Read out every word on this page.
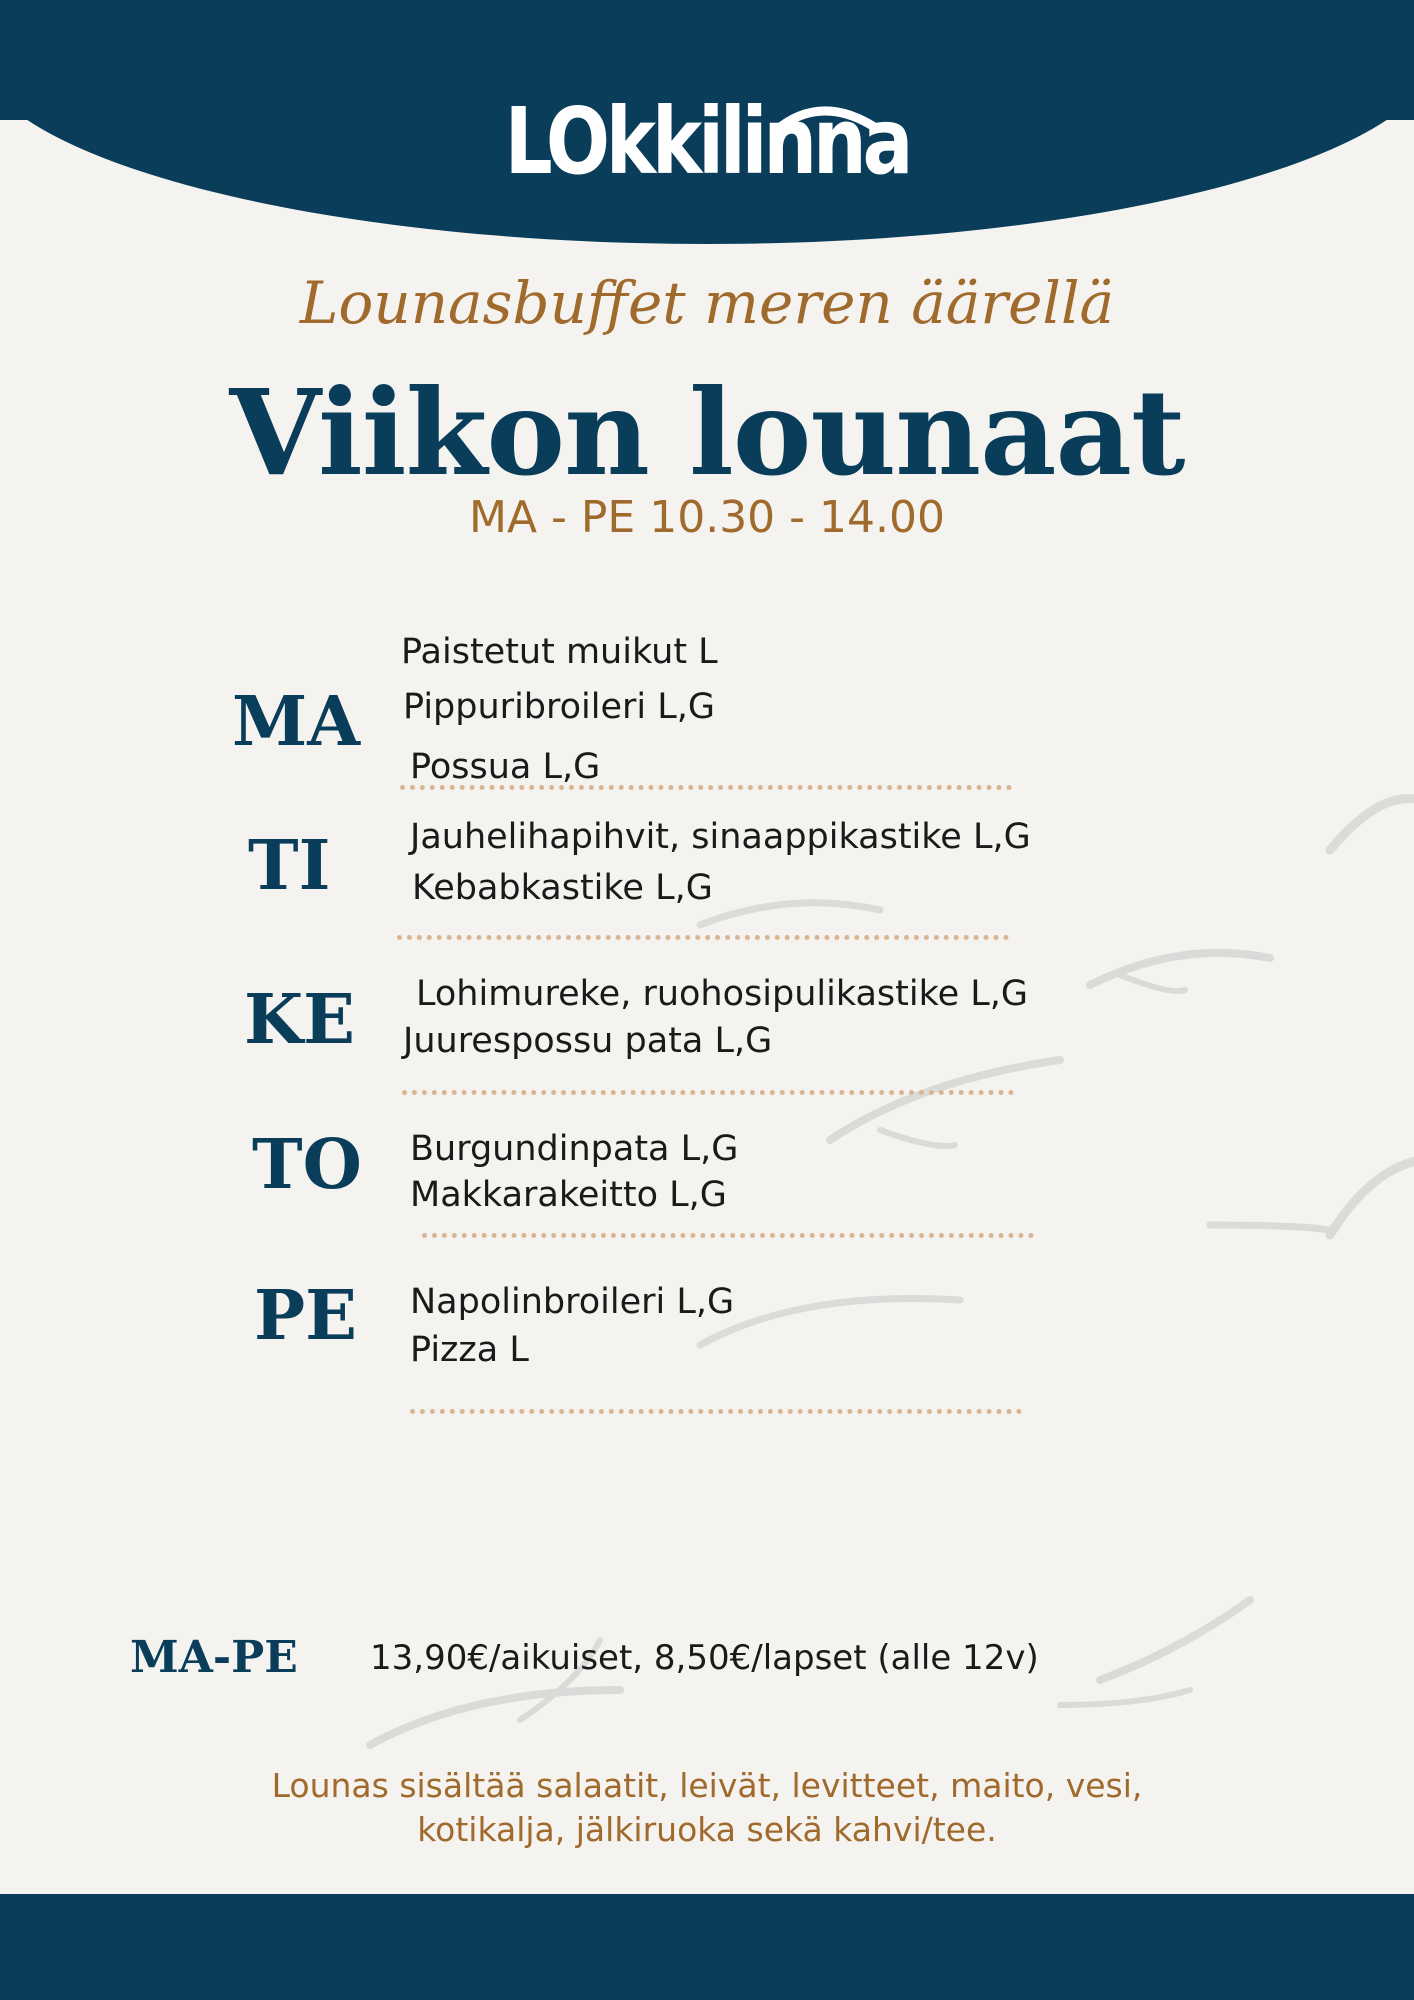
LOkkilinna
Lounasbuffet meren äärellä
Viikon lounaat
MA - PE 10.30 - 14.00
MA
Paistetut muikut L
Pippuribroileri L,G
Possua L,G
TI Jauhelihapihvit, sinaappikastike L,G
Kebabkastike L,G
KE Lohimureke, ruohosipulikastike L,G
Juurespossu pata L,G
TO Burgundinpata L,G
Makkarakeitto L,G
PE Napolinbroileri L,G
Pizza L
MA-PE 13,90€/aikuiset, 8,50€/lapset (alle 12v)
Lounas sisältää salaatit, leivät, levitteet, maito, vesi,
kotikalja, jälkiruoka sekä kahvi/tee.
